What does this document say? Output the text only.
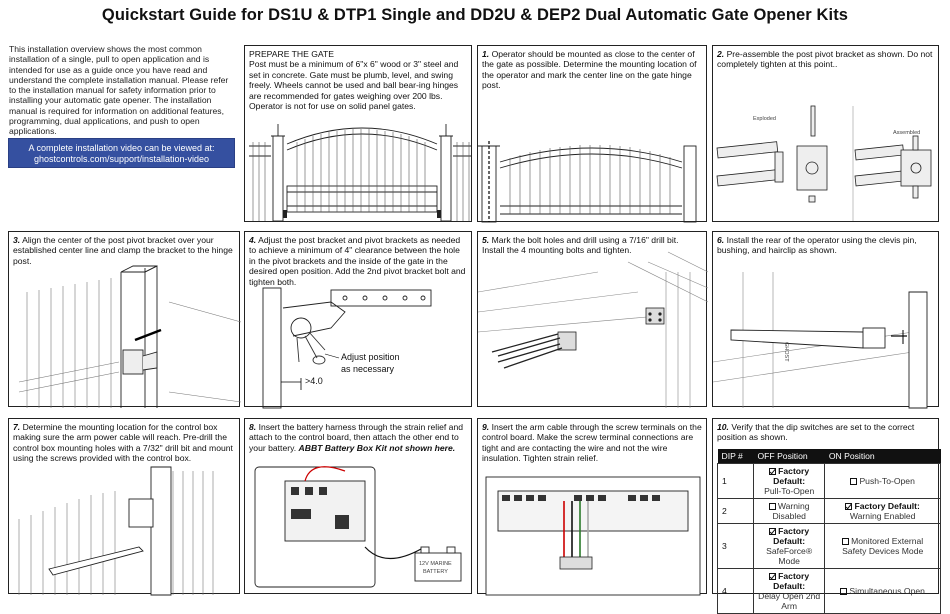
Quickstart Guide for DS1U & DTP1 Single and DD2U & DEP2 Dual Automatic Gate Opener Kits
This installation overview shows the most common installation of a single, pull to open application and is intended for use as a guide once you have read and understand the complete installation manual. Please refer to the installation manual for safety information prior to installing your automatic gate opener. The installation manual is required for information on additional features, programming, dual applications, and push to open applications.
A complete installation video can be viewed at:
ghostcontrols.com/support/installation-video
PREPARE THE GATE
Post must be a minimum of 6"x 6" wood or 3" steel and set in concrete. Gate must be plumb, level, and swing freely. Wheels cannot be used and ball bear-ing hinges are recommended for gates weighing over 200 lbs. Operator is not for use on solid panel gates.
1. Operator should be mounted as close to the center of the gate as possible. Determine the mounting location of the operator and mark the center line on the gate hinge post.
2. Pre-assemble the post pivot bracket as shown. Do not completely tighten at this point..
Exploded
Assembled
3. Align the center of the post pivot bracket over your established center line and clamp the bracket to the hinge post.
4. Adjust the post bracket and pivot brackets as needed to achieve a minimum of 4" clearance between the hole in the pivot brackets and the inside of the gate in the desired open position. Add the 2nd pivot bracket bolt and tighten both.
>4.0
Adjust position
as necessary
5. Mark the bolt holes and drill using a 7/16" drill bit. Install the 4 mounting bolts and tighten.
6. Install the rear of the operator using the clevis pin, bushing, and hairclip as shown.
GHOST
7. Determine the mounting location for the control box making sure the arm power cable will reach. Pre-drill the control box mounting holes with a 7/32" drill bit and mount using the screws provided with the control box.
8. Insert the battery harness through the strain relief and attach to the control board, then attach the other end to your battery. ABBT Battery Box Kit not shown here.
12V MARINE
BATTERY
9. Insert the arm cable through the screw terminals on the control board. Make the screw terminal connections are tight and are contacting the wire and not the wire insulation. Tighten strain relief.
10. Verify that the dip switches are set to the correct position as shown.
DIP #	OFF Position	ON Position
1	Factory Default:
Pull-To-Open	Push-To-Open
2	Warning Disabled	Factory Default:
Warning Enabled
3	Factory Default:
SafeForce® Mode	Monitored External Safety Devices Mode
4	Factory Default:
Delay Open 2nd Arm	Simultaneous Open
